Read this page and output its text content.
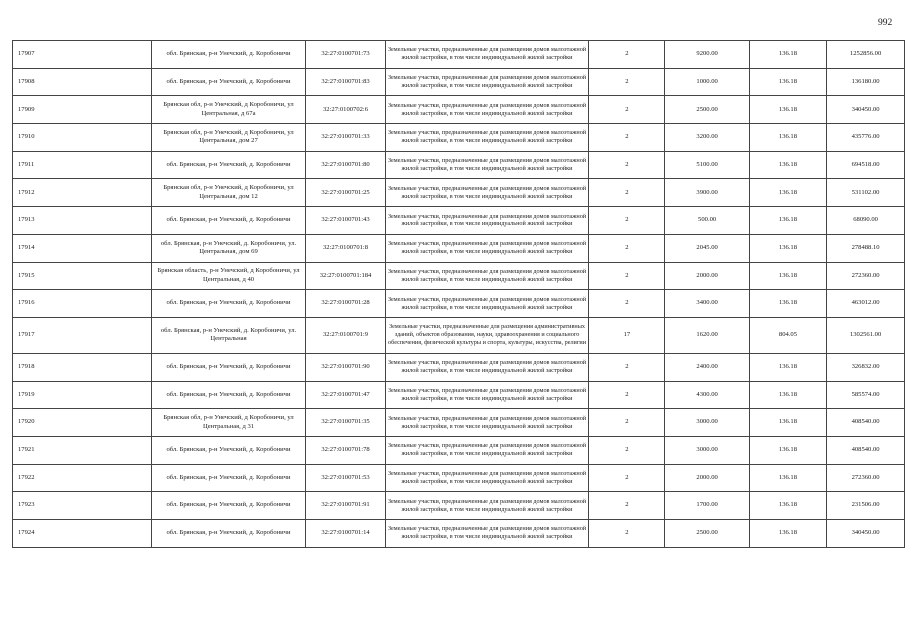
992
17907	обл. Брянская, р-н Унечский, д. Коробоничи	32:27:0100701:73	Земельные участки, предназначенные для размещения домов малоэтажной жилой застройки, в том числе индивидуальной жилой застройки	2	9200.00	136.18	1252856.00
17908	обл. Брянская, р-н Унечский, д. Коробоничи	32:27:0100701:83	Земельные участки, предназначенные для размещения домов малоэтажной жилой застройки, в том числе индивидуальной жилой застройки	2	1000.00	136.18	136180.00
17909	Брянская обл, р-н Унечский, д Коробоничи, ул Центральная, д 67а	32:27:0100702:6	Земельные участки, предназначенные для размещения домов малоэтажной жилой застройки, в том числе индивидуальной жилой застройки	2	2500.00	136.18	340450.00
17910	Брянская обл, р-н Унечский, д Коробоничи, ул Центральная, дом 27	32:27:0100701:33	Земельные участки, предназначенные для размещения домов малоэтажной жилой застройки, в том числе индивидуальной жилой застройки	2	3200.00	136.18	435776.00
17911	обл. Брянская, р-н Унечский, д. Коробоничи	32:27:0100701:80	Земельные участки, предназначенные для размещения домов малоэтажной жилой застройки, в том числе индивидуальной жилой застройки	2	5100.00	136.18	694518.00
17912	Брянская обл, р-н Унечский, д Коробоничи, ул Центральная, дом 12	32:27:0100701:25	Земельные участки, предназначенные для размещения домов малоэтажной жилой застройки, в том числе индивидуальной жилой застройки	2	3900.00	136.18	531102.00
17913	обл. Брянская, р-н Унечский, д. Коробоничи	32:27:0100701:43	Земельные участки, предназначенные для размещения домов малоэтажной жилой застройки, в том числе индивидуальной жилой застройки	2	500.00	136.18	68090.00
17914	обл. Брянская, р-н Унечский, д. Коробоничи, ул. Центральная, дом 69	32:27:0100701:8	Земельные участки, предназначенные для размещения домов малоэтажной жилой застройки, в том числе индивидуальной жилой застройки	2	2045.00	136.18	278488.10
17915	Брянская область, р-н Унечский, д Коробоничи, ул Центральная, д 40	32:27:0100701:184	Земельные участки, предназначенные для размещения домов малоэтажной жилой застройки, в том числе индивидуальной жилой застройки	2	2000.00	136.18	272360.00
17916	обл. Брянская, р-н Унечский, д. Коробоничи	32:27:0100701:28	Земельные участки, предназначенные для размещения домов малоэтажной жилой застройки, в том числе индивидуальной жилой застройки	2	3400.00	136.18	463012.00
17917	обл. Брянская, р-н Унечский, д. Коробоничи, ул. Центральная	32:27:0100701:9	Земельные участки, предназначенные для размещения административных зданий, объектов образования, науки, здравоохранения и социального обеспечения, физической культуры и спорта, культуры, искусства, религии	17	1620.00	804.05	1302561.00
17918	обл. Брянская, р-н Унечский, д. Коробоничи	32:27:0100701:90	Земельные участки, предназначенные для размещения домов малоэтажной жилой застройки, в том числе индивидуальной жилой застройки	2	2400.00	136.18	326832.00
17919	обл. Брянская, р-н Унечский, д. Коробоничи	32:27:0100701:47	Земельные участки, предназначенные для размещения домов малоэтажной жилой застройки, в том числе индивидуальной жилой застройки	2	4300.00	136.18	585574.00
17920	Брянская обл, р-н Унечский, д Коробоничи, ул Центральная, д 31	32:27:0100701:35	Земельные участки, предназначенные для размещения домов малоэтажной жилой застройки, в том числе индивидуальной жилой застройки	2	3000.00	136.18	408540.00
17921	обл. Брянская, р-н Унечский, д. Коробоничи	32:27:0100701:78	Земельные участки, предназначенные для размещения домов малоэтажной жилой застройки, в том числе индивидуальной жилой застройки	2	3000.00	136.18	408540.00
17922	обл. Брянская, р-н Унечский, д. Коробоничи	32:27:0100701:53	Земельные участки, предназначенные для размещения домов малоэтажной жилой застройки, в том числе индивидуальной жилой застройки	2	2000.00	136.18	272360.00
17923	обл. Брянская, р-н Унечский, д. Коробоничи	32:27:0100701:91	Земельные участки, предназначенные для размещения домов малоэтажной жилой застройки, в том числе индивидуальной жилой застройки	2	1700.00	136.18	231506.00
17924	обл. Брянская, р-н Унечский, д. Коробоничи	32:27:0100701:14	Земельные участки, предназначенные для размещения домов малоэтажной жилой застройки, в том числе индивидуальной жилой застройки	2	2500.00	136.18	340450.00
